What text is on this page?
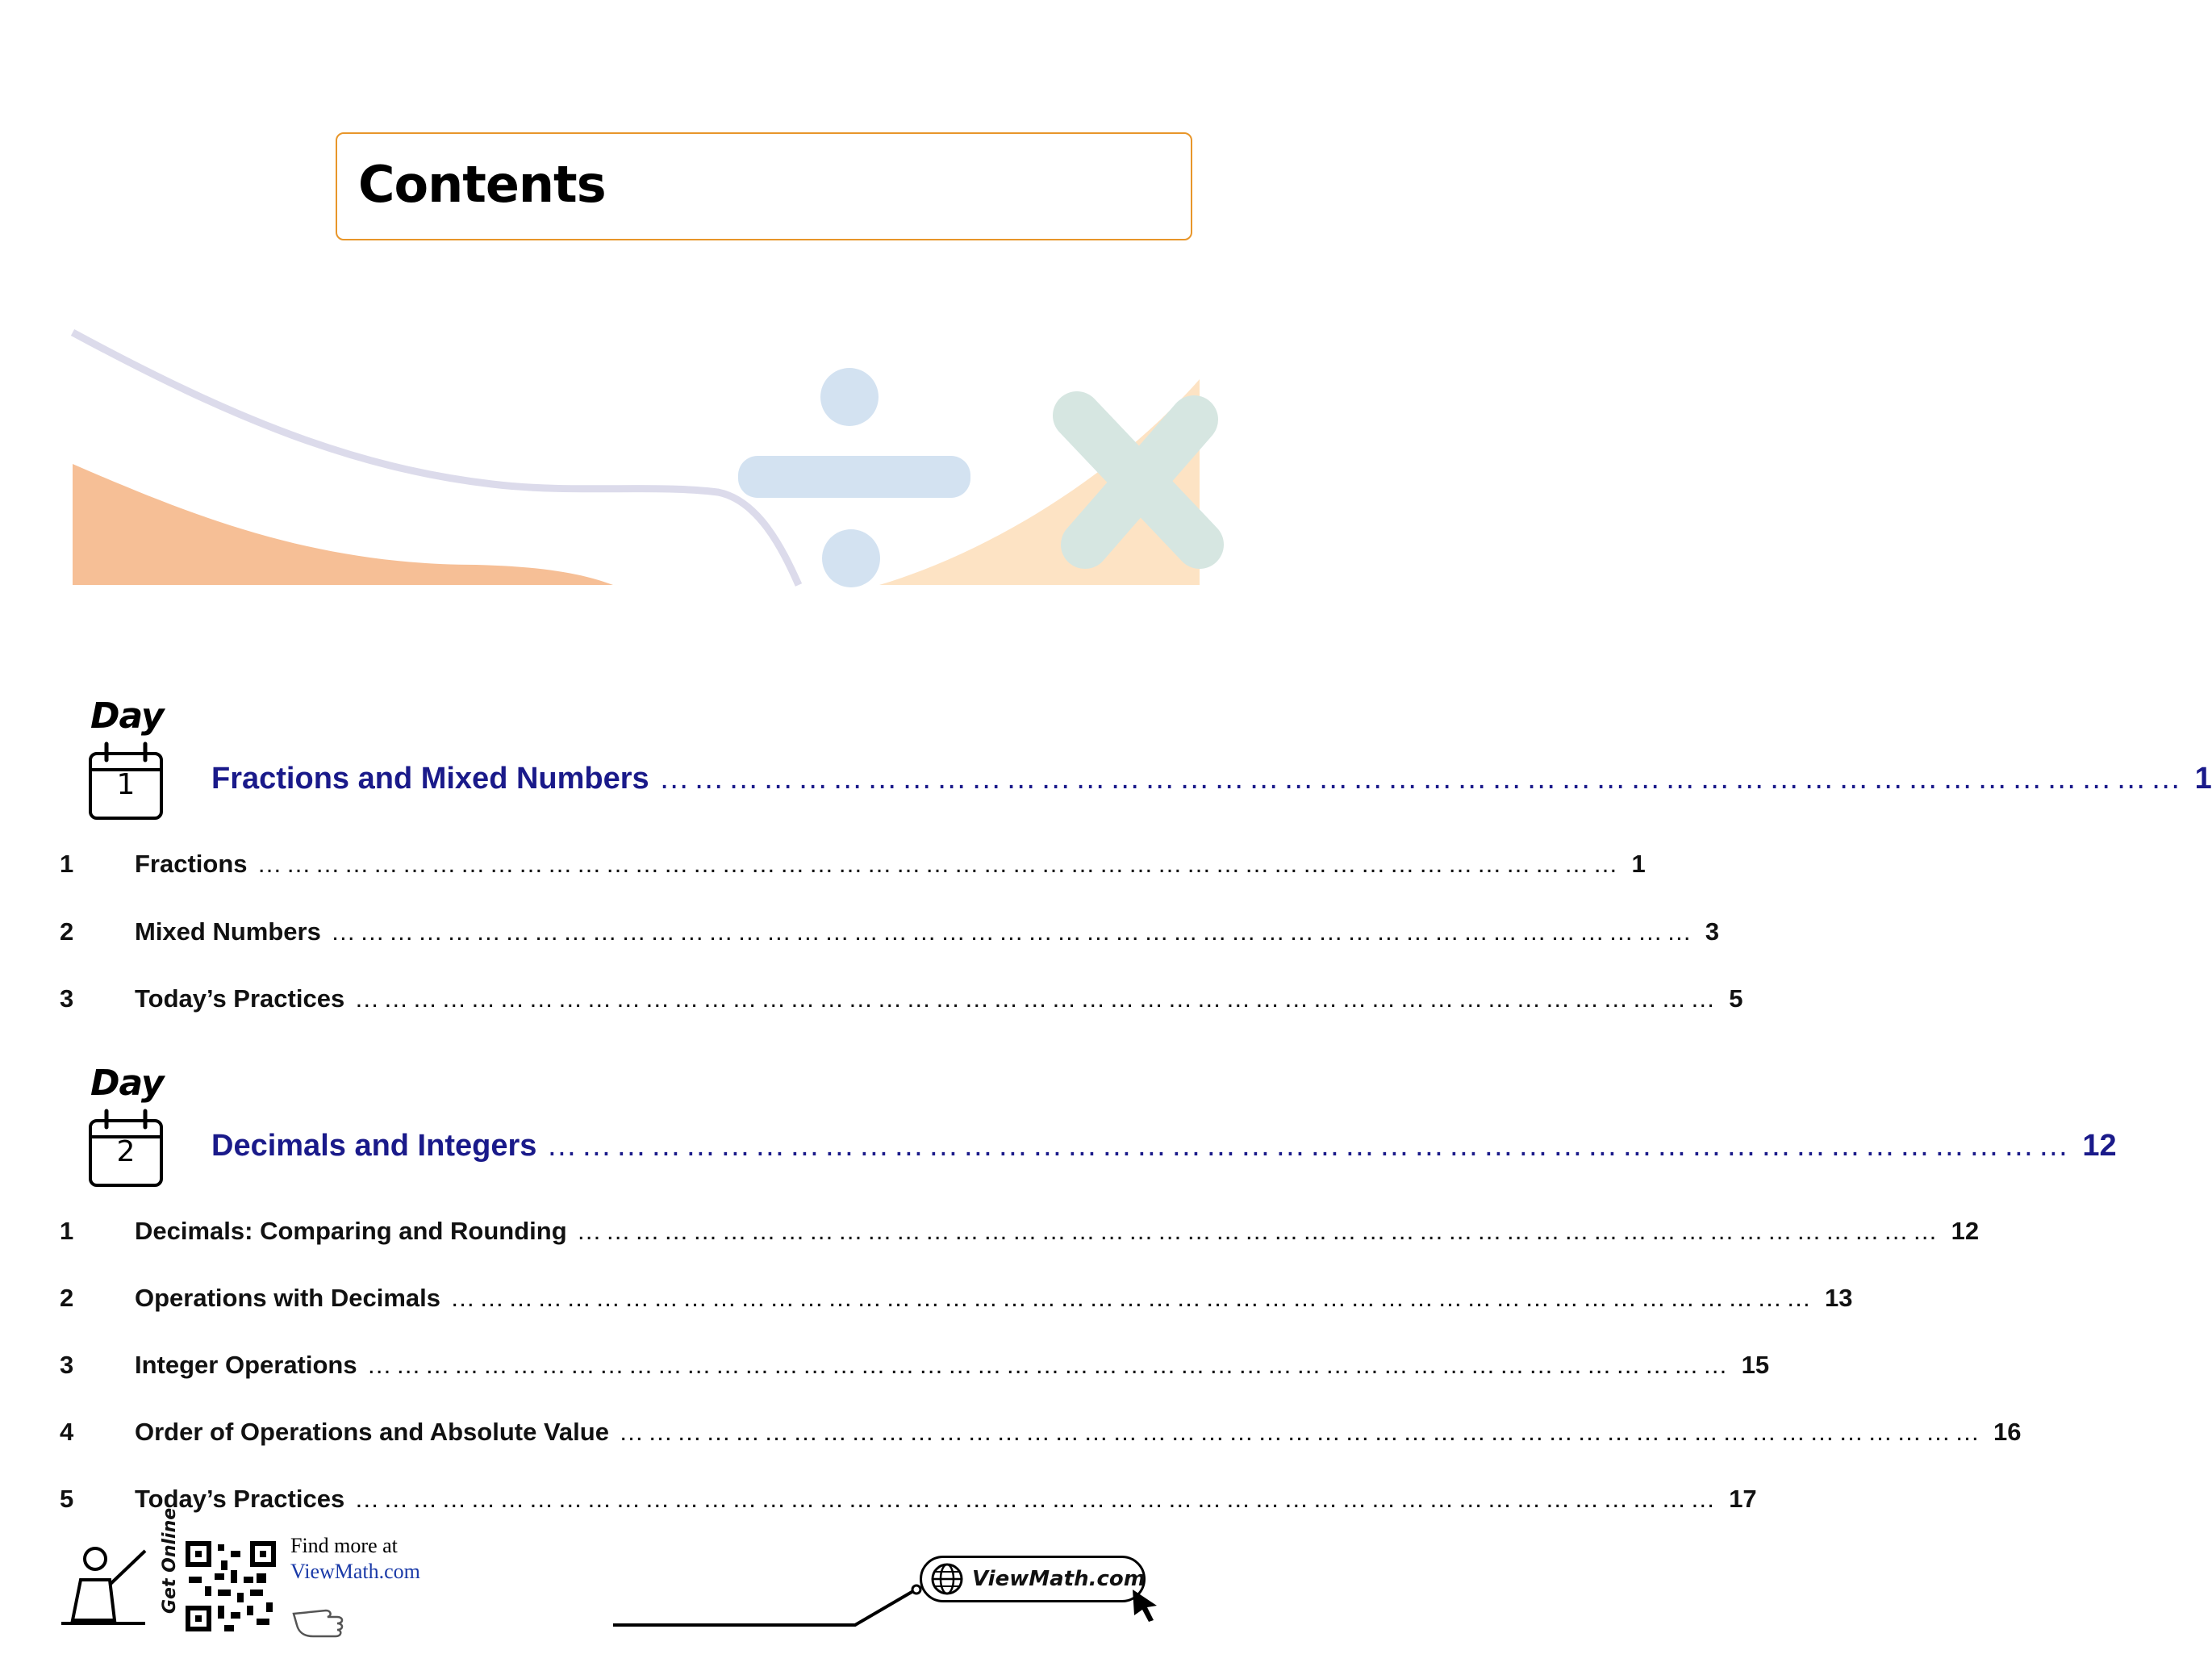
Contents
Day
1	Fractions and Mixed Numbers …………………………………………………………………………………………………………………… 1
1	Fractions …………………………………………………………………………………………………………………………… 1
2	Mixed Numbers …………………………………………………………………………………………………………………………… 3
3	Today’s Practices …………………………………………………………………………………………………………………………… 5
Day
2	Decimals and Integers …………………………………………………………………………………………………………………… 12
1	Decimals: Comparing and Rounding …………………………………………………………………………………………………………………………… 12
2	Operations with Decimals …………………………………………………………………………………………………………………………… 13
3	Integer Operations …………………………………………………………………………………………………………………………… 15
4	Order of Operations and Absolute Value …………………………………………………………………………………………………………………………… 16
5	Today’s Practices …………………………………………………………………………………………………………………………… 17
Get Online	Find more at
ViewMath.com	ViewMath.com
